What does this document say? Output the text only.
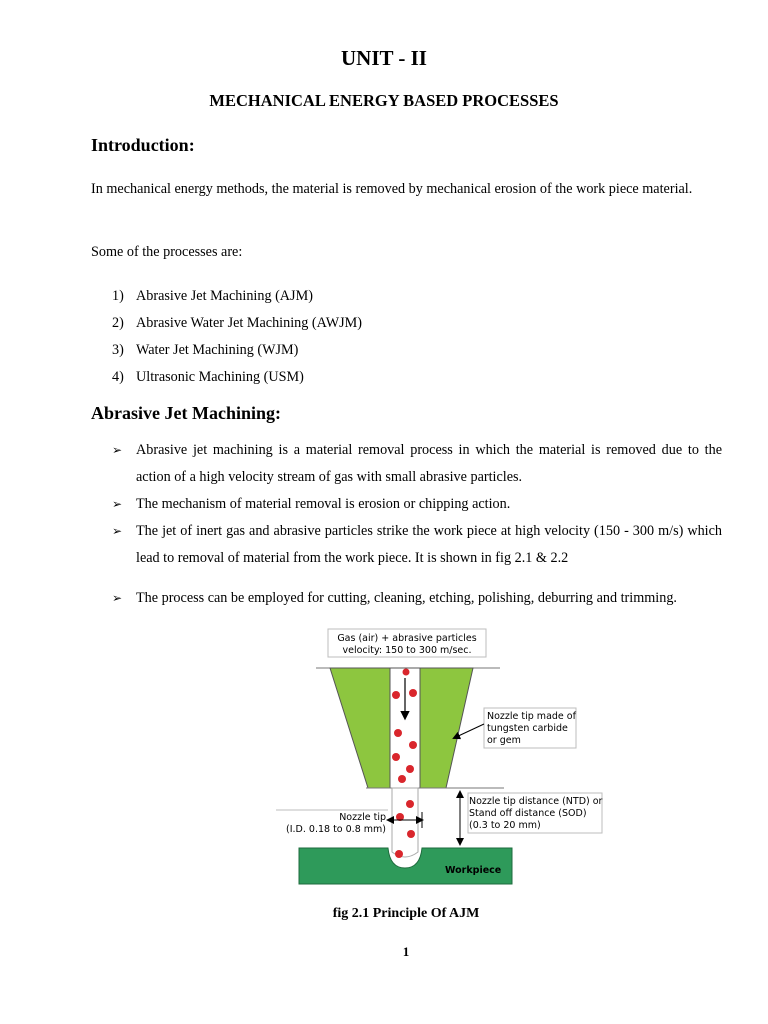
UNIT - II
MECHANICAL ENERGY BASED PROCESSES
Introduction:

In mechanical energy methods, the material is removed by mechanical erosion of the work piece material.

Some of the processes are:

1) Abrasive Jet Machining (AJM)
2) Abrasive Water Jet Machining (AWJM)
3) Water Jet Machining (WJM)
4) Ultrasonic Machining (USM)
Abrasive Jet Machining:
➢ Abrasive jet machining is a material removal process in which the material is removed due to the action of a high velocity stream of gas with small abrasive particles.
➢ The mechanism of material removal is erosion or chipping action.
➢ The jet of inert gas and abrasive particles strike the work piece at high velocity (150 - 300 m/s) which lead to removal of material from the work piece. It is shown in fig 2.1 & 2.2
➢ The process can be employed for cutting, cleaning, etching, polishing, deburring and trimming.
Gas (air) + abrasive particles
velocity: 150 to 300 m/sec.
Nozzle tip made of
tungsten carbide
or gem
Workpiece
Nozzle tip
(I.D. 0.18 to 0.8 mm)
Nozzle tip distance (NTD) or
Stand off distance (SOD)
(0.3 to 20 mm)

fig 2.1 Principle Of AJM

1
